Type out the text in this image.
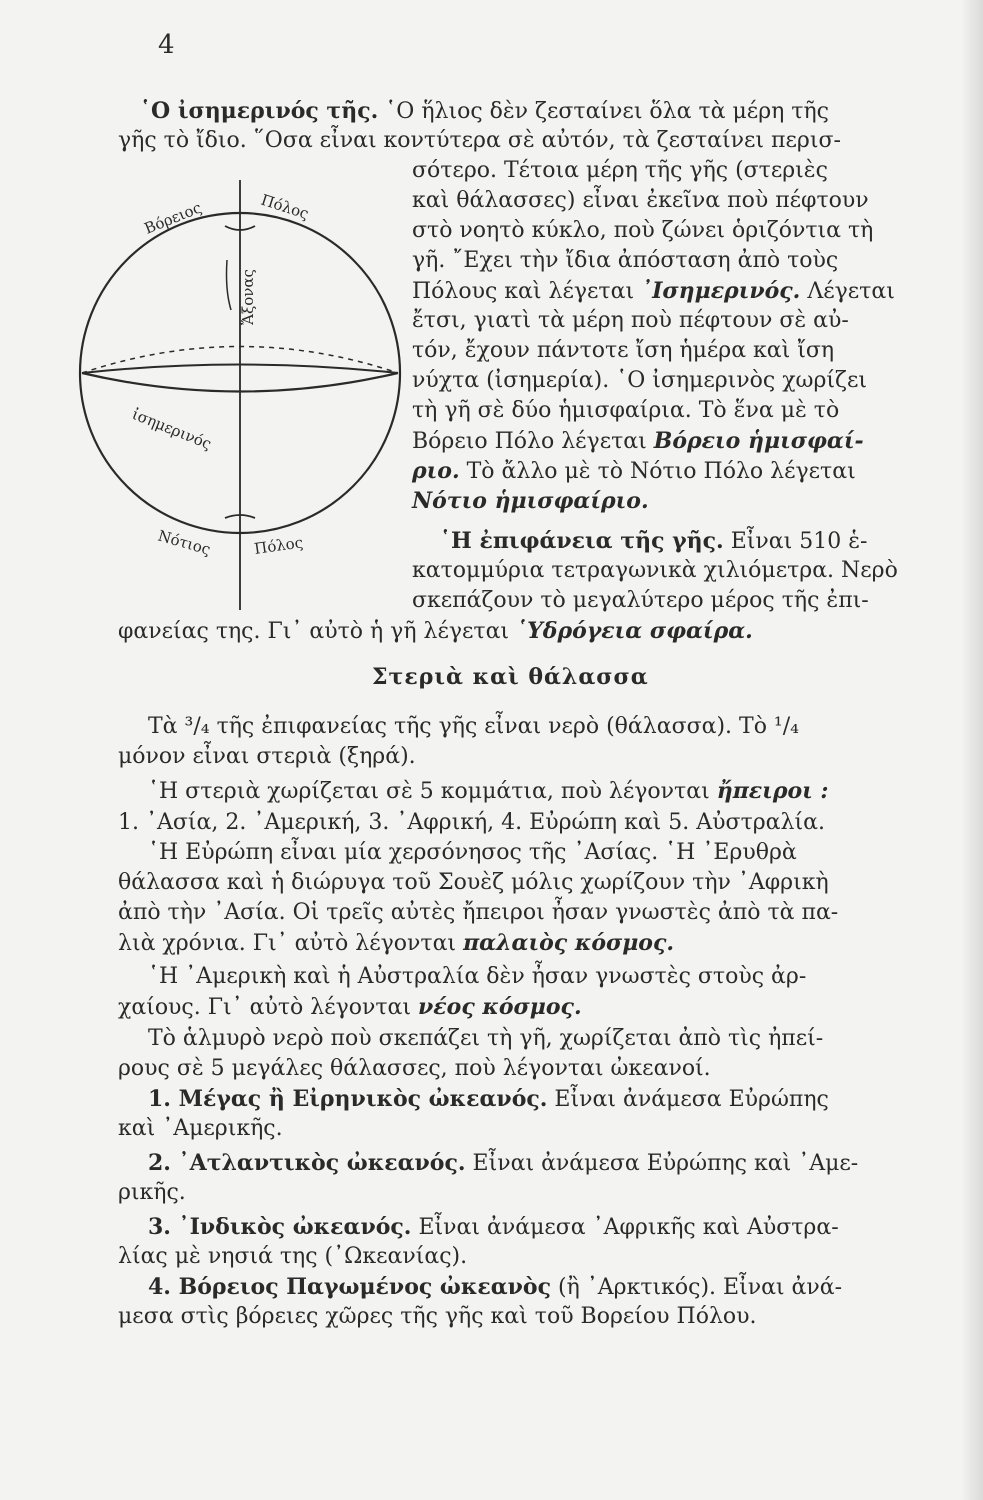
4
Βόρειος	Πόλος
Ἄξονας
ἰσημερινός
Νότιος	Πόλος
῾Ο ἰσημερινός τῆς. ῾Ο ἥλιος δὲν ζεσταίνει ὅλα τὰ μέρη τῆς
γῆς τὸ ἴδιο. ῞Οσα εἶναι κοντύτερα σὲ αὐτόν, τὰ ζεσταίνει περισ-
σότερο. Τέτοια μέρη τῆς γῆς (στεριὲς
καὶ θάλασσες) εἶναι ἐκεῖνα ποὺ πέφτουν
στὸ νοητὸ κύκλο, ποὺ ζώνει ὁριζόντια τὴ
γῆ. ῎Εχει τὴν ἴδια ἀπόσταση ἀπὸ τοὺς
Πόλους καὶ λέγεται ᾿Ισημερινός. Λέγεται
ἔτσι, γιατὶ τὰ μέρη ποὺ πέφτουν σὲ αὐ-
τόν, ἔχουν πάντοτε ἴση ἡμέρα καὶ ἴση
νύχτα (ἰσημερία). ῾Ο ἰσημερινὸς χωρίζει
τὴ γῆ σὲ δύο ἡμισφαίρια. Τὸ ἕνα μὲ τὸ
Βόρειο Πόλο λέγεται Βόρειο ἡμισφαί-
ριο. Τὸ ἄλλο μὲ τὸ Νότιο Πόλο λέγεται
Νότιο ἡμισφαίριο.
῾Η ἐπιφάνεια τῆς γῆς. Εἶναι 510 ἑ-
κατομμύρια τετραγωνικὰ χιλιόμετρα. Νερὸ
σκεπάζουν τὸ μεγαλύτερο μέρος τῆς ἐπι-
φανείας της. Γι᾿ αὐτὸ ἡ γῆ λέγεται ῾Υδρόγεια σφαίρα.
Στεριὰ καὶ θάλασσα
Τὰ ³/₄ τῆς ἐπιφανείας τῆς γῆς εἶναι νερὸ (θάλασσα). Τὸ ¹/₄
μόνον εἶναι στεριὰ (ξηρά).
῾Η στεριὰ χωρίζεται σὲ 5 κομμάτια, ποὺ λέγονται ἤπειροι :
1. ᾿Ασία, 2. ᾿Αμερική, 3. ᾿Αφρική, 4. Εὐρώπη καὶ 5. Αὐστραλία.
῾Η Εὐρώπη εἶναι μία χερσόνησος τῆς ᾿Ασίας. ῾Η ᾿Ερυθρὰ
θάλασσα καὶ ἡ διώρυγα τοῦ Σουὲζ μόλις χωρίζουν τὴν ᾿Αφρικὴ
ἀπὸ τὴν ᾿Ασία. Οἱ τρεῖς αὐτὲς ἤπειροι ἦσαν γνωστὲς ἀπὸ τὰ πα-
λιὰ χρόνια. Γι᾿ αὐτὸ λέγονται παλαιὸς κόσμος.
῾Η ᾿Αμερικὴ καὶ ἡ Αὐστραλία δὲν ἦσαν γνωστὲς στοὺς ἀρ-
χαίους. Γι᾿ αὐτὸ λέγονται νέος κόσμος.
Τὸ ἁλμυρὸ νερὸ ποὺ σκεπάζει τὴ γῆ, χωρίζεται ἀπὸ τὶς ἠπεί-
ρους σὲ 5 μεγάλες θάλασσες, ποὺ λέγονται ὠκεανοί.
1. Μέγας ἢ Εἰρηνικὸς ὠκεανός. Εἶναι ἀνάμεσα Εὐρώπης
καὶ ᾿Αμερικῆς.
2. ᾿Ατλαντικὸς ὠκεανός. Εἶναι ἀνάμεσα Εὐρώπης καὶ ᾿Αμε-
ρικῆς.
3. ᾿Ινδικὸς ὠκεανός. Εἶναι ἀνάμεσα ᾿Αφρικῆς καὶ Αὐστρα-
λίας μὲ νησιά της (᾿Ωκεανίας).
4. Βόρειος Παγωμένος ὠκεανὸς (ἢ ᾿Αρκτικός). Εἶναι ἀνά-
μεσα στὶς βόρειες χῶρες τῆς γῆς καὶ τοῦ Βορείου Πόλου.
